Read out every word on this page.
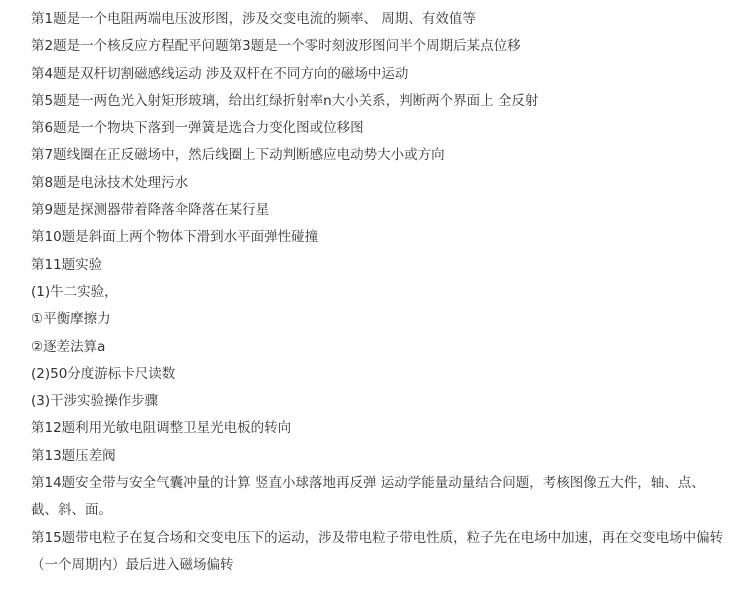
第1题是一个电阻两端电压波形图，涉及交变电流的频率、 周期、有效值等
第2题是一个核反应方程配平问题第3题是一个零时刻波形图问半个周期后某点位移
第4题是双杆切割磁感线运动 涉及双杆在不同方向的磁场中运动
第5题是一两色光入射矩形玻璃，给出红绿折射率n大小关系，判断两个界面上 全反射
第6题是一个物块下落到一弹簧是选合力变化图或位移图
第7题线圈在正反磁场中，然后线圈上下动判断感应电动势大小或方向
第8题是电泳技术处理污水
第9题是探测器带着降落伞降落在某行星
第10题是斜面上两个物体下滑到水平面弹性碰撞
第11题实验
(1)牛二实验，
①平衡摩擦力
②逐差法算a
(2)50分度游标卡尺读数
(3)干涉实验操作步骤
第12题利用光敏电阻调整卫星光电板的转向
第13题压差阀
第14题安全带与安全气囊冲量的计算 竖直小球落地再反弹 运动学能量动量结合问题，考核图像五大件，轴、点、截、斜、面。
第15题带电粒子在复合场和交变电压下的运动，涉及带电粒子带电性质，粒子先在电场中加速，再在交变电场中偏转（一个周期内）最后进入磁场偏转
